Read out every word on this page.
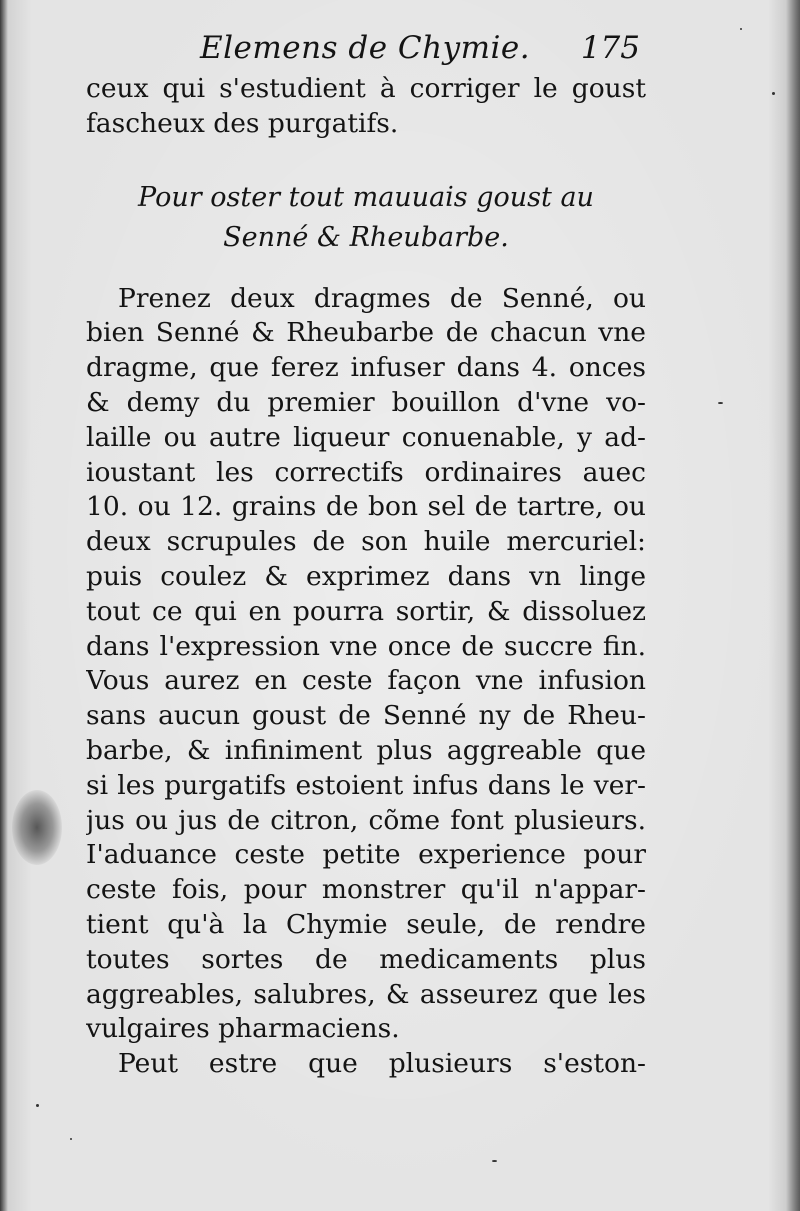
Elemens de Chymie. 175
ceux qui s'estudient à corriger le goust
fascheux des purgatifs.
Pour oster tout mauuais goust au
Senné & Rheubarbe.
Prenez deux dragmes de Senné, ou
bien Senné & Rheubarbe de chacun vne
dragme, que ferez infuser dans 4. onces
& demy du premier bouillon d'vne vo-
laille ou autre liqueur conuenable, y ad-
ioustant les correctifs ordinaires auec
10. ou 12. grains de bon sel de tartre, ou
deux scrupules de son huile mercuriel:
puis coulez & exprimez dans vn linge
tout ce qui en pourra sortir, & dissoluez
dans l'expression vne once de succre fin.
Vous aurez en ceste façon vne infusion
sans aucun goust de Senné ny de Rheu-
barbe, & infiniment plus aggreable que
si les purgatifs estoient infus dans le ver-
jus ou jus de citron, cõme font plusieurs.
I'aduance ceste petite experience pour
ceste fois, pour monstrer qu'il n'appar-
tient qu'à la Chymie seule, de rendre
toutes sortes de medicaments plus
aggreables, salubres, & asseurez que les
vulgaires pharmaciens.
Peut estre que plusieurs s'eston-
